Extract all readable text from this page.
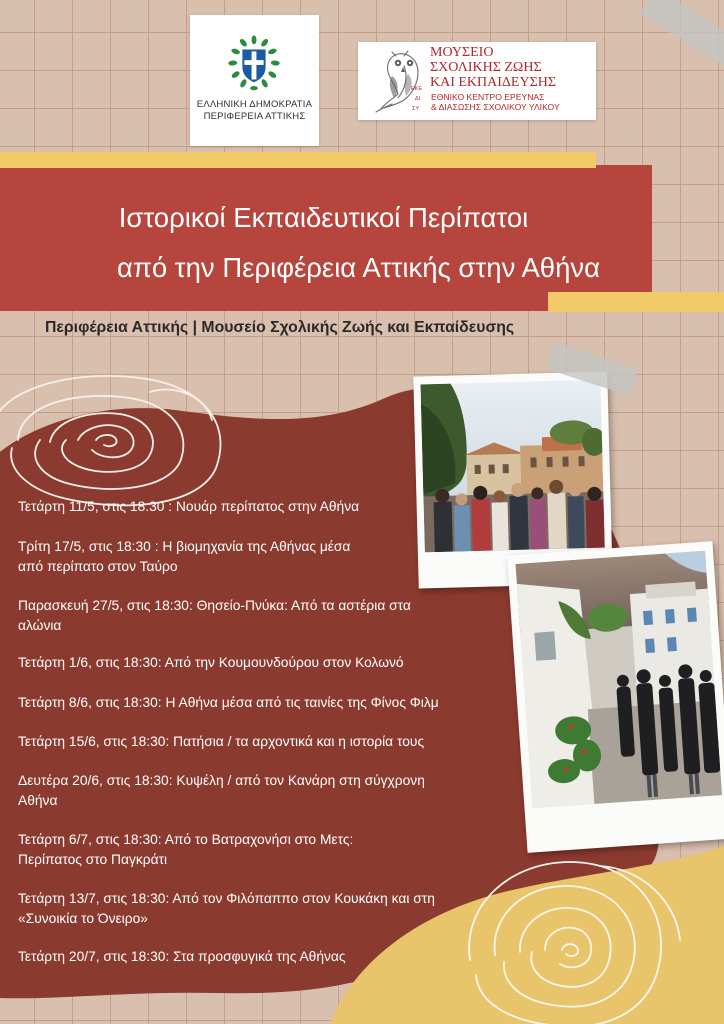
ΕΛΛΗΝΙΚΗ ΔΗΜΟΚΡΑΤΙΑ
ΠΕΡΙΦΕΡΕΙΑ ΑΤΤΙΚΗΣ
ΕΚΕ
ΔΙ
ΣΥ
ΜΟΥΣΕΙΟ
ΣΧΟΛΙΚΗΣ ΖΩΗΣ
ΚΑΙ ΕΚΠΑΙΔΕΥΣΗΣ
ΕΘΝΙΚΟ ΚΕΝΤΡΟ ΕΡΕΥΝΑΣ
& ΔΙΑΣΩΣΗΣ ΣΧΟΛΙΚΟΥ ΥΛΙΚΟΥ
Ιστορικοί Εκπαιδευτικοί Περίπατοι
από την Περιφέρεια Αττικής στην Αθήνα
Περιφέρεια Αττικής | Μουσείο Σχολικής Ζωής και Εκπαίδευσης
Τετάρτη 11/5, στις 18:30 : Νουάρ περίπατος στην Αθήνα
Τρίτη 17/5, στις 18:30 : Η βιομηχανία της Αθήνας μέσα
από περίπατο στον Ταύρο
Παρασκευή 27/5, στις 18:30: Θησείο-Πνύκα: Από τα αστέρια στα
αλώνια
Τετάρτη 1/6, στις 18:30: Από την Κουμουνδούρου στον Κολωνό
Τετάρτη 8/6, στις 18:30: Η Αθήνα μέσα από τις ταινίες της Φίνος Φιλμ
Τετάρτη 15/6, στις 18:30: Πατήσια / τα αρχοντικά και η ιστορία τους
Δευτέρα 20/6, στις 18:30: Κυψέλη / από τον Κανάρη στη σύγχρονη
Αθήνα
Τετάρτη 6/7, στις 18:30: Από το Βατραχονήσι στο Μετς:
Περίπατος στο Παγκράτι
Τετάρτη 13/7, στις 18:30: Από τον Φιλόπαππο στον Κουκάκη και στη
«Συνοικία το Όνειρο»
Τετάρτη 20/7, στις 18:30: Στα προσφυγικά της Αθήνας
